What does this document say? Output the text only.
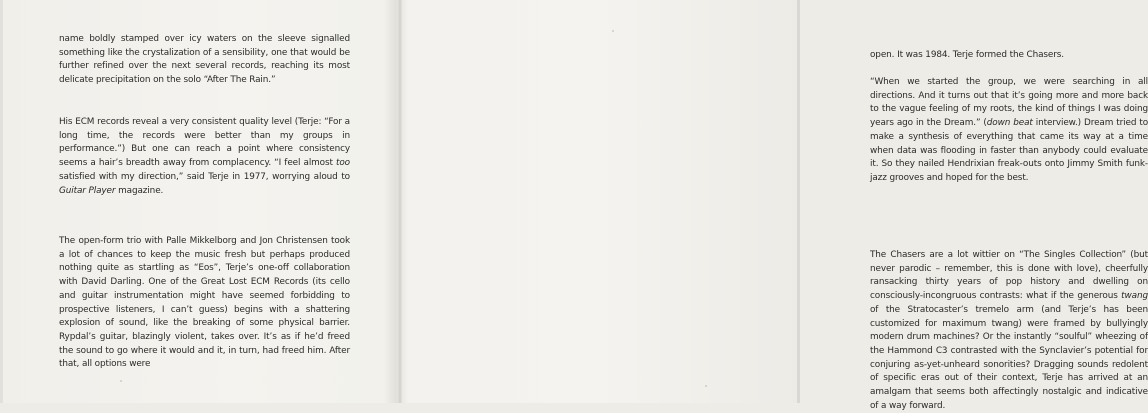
name boldly stamped over icy waters on the sleeve signalled something like the crystalization of a sensibility, one that would be further refined over the next several records, reaching its most delicate precipitation on the solo “After The Rain.”

His ECM records reveal a very consistent quality level (Terje: “For a long time, the records were better than my groups in performance.”) But one can reach a point where consistency seems a hair’s breadth away from complacency. “I feel almost too satisfied with my direction,” said Terje in 1977, worrying aloud to Guitar Player magazine.

The open-form trio with Palle Mikkelborg and Jon Christensen took a lot of chances to keep the music fresh but perhaps produced nothing quite as startling as “Eos”, Terje’s one-off collaboration with David Darling. One of the Great Lost ECM Records (its cello and guitar instrumentation might have seemed forbidding to prospective listeners, I can’t guess) begins with a shattering explosion of sound, like the breaking of some physical barrier. Rypdal’s guitar, blazingly violent, takes over. It’s as if he’d freed the sound to go where it would and it, in turn, had freed him. After that, all options were

open. It was 1984. Terje formed the Chasers.

“When we started the group, we were searching in all directions. And it turns out that it’s going more and more back to the vague feeling of my roots, the kind of things I was doing years ago in the Dream.” (down beat interview.) Dream tried to make a synthesis of everything that came its way at a time when data was flooding in faster than anybody could evaluate it. So they nailed Hendrixian freak-outs onto Jimmy Smith funk-jazz grooves and hoped for the best.

The Chasers are a lot wittier on “The Singles Collection” (but never parodic – remember, this is done with love), cheerfully ransacking thirty years of pop history and dwelling on consciously-incongruous contrasts: what if the generous twang of the Stratocaster’s tremelo arm (and Terje’s has been customized for maximum twang) were framed by bullyingly modern drum machines? Or the instantly “soulful” wheezing of the Hammond C3 contrasted with the Synclavier’s potential for conjuring as-yet-unheard sonorities? Dragging sounds redolent of specific eras out of their context, Terje has arrived at an amalgam that seems both affectingly nostalgic and indicative of a way forward.
